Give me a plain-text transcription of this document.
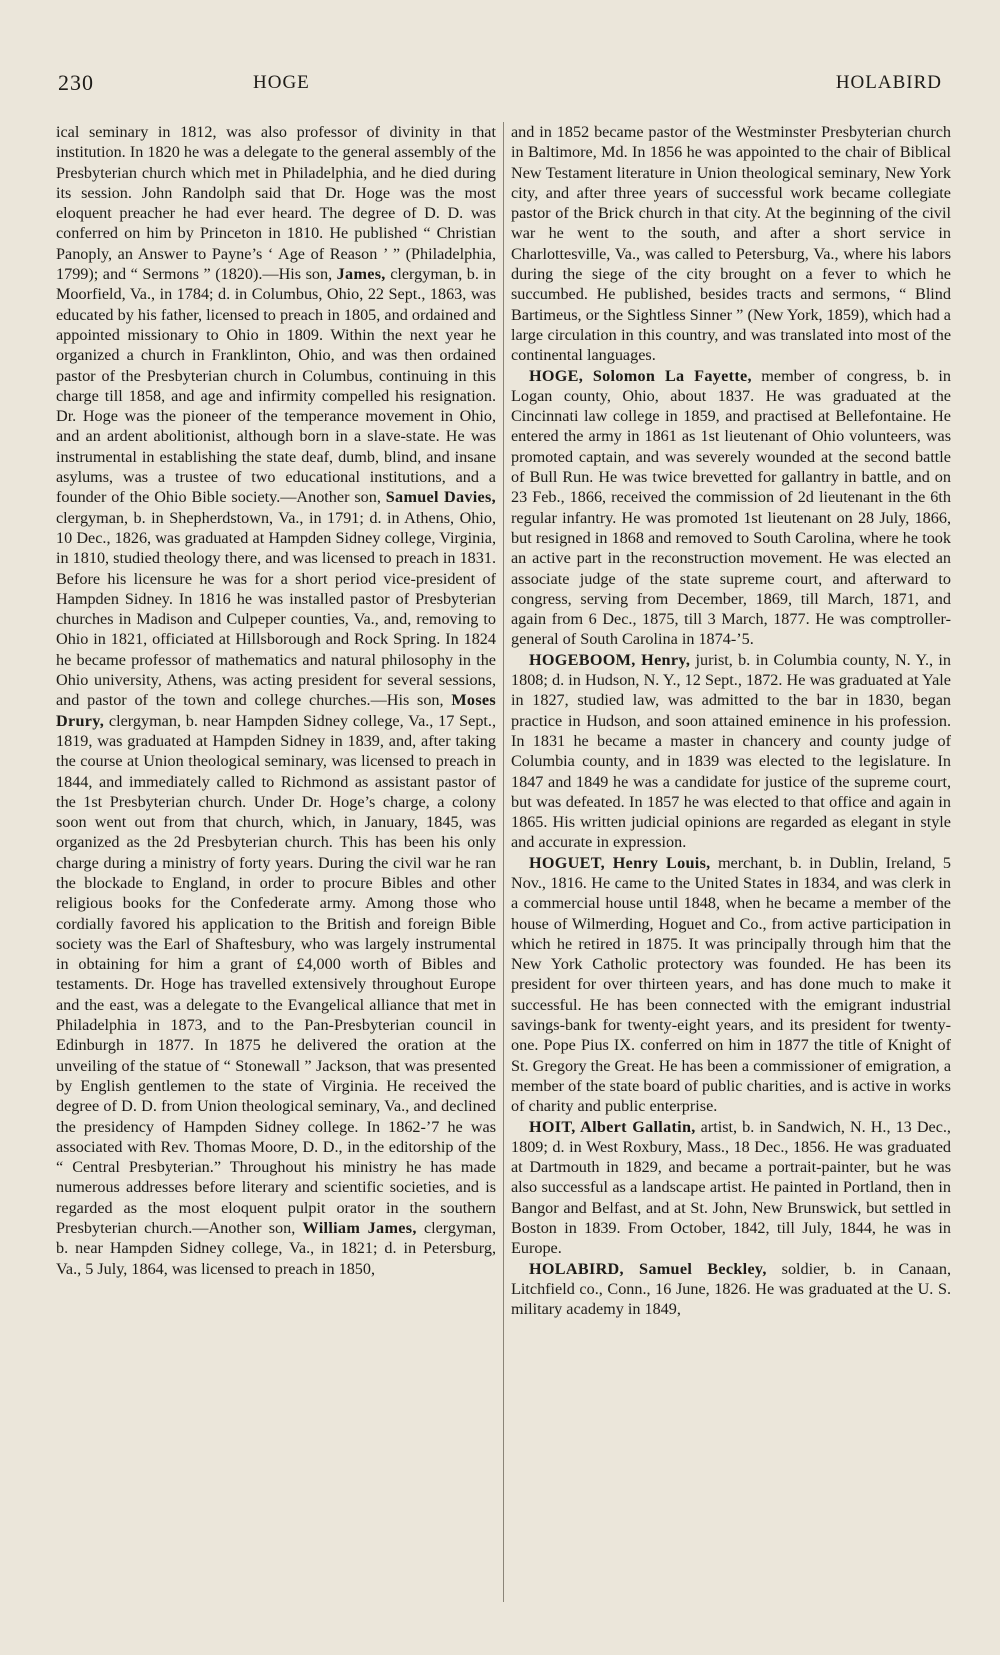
230	HOGE	HOLABIRD

ical seminary in 1812, was also professor of divinity in that institution. In 1820 he was a delegate to the general assembly of the Presbyterian church which met in Philadelphia, and he died during its session. John Randolph said that Dr. Hoge was the most eloquent preacher he had ever heard. The degree of D. D. was conferred on him by Princeton in 1810. He published “ Christian Panoply, an Answer to Payne’s ‘ Age of Reason ’ ” (Philadelphia, 1799); and “ Sermons ” (1820).—His son, James, clergyman, b. in Moorfield, Va., in 1784; d. in Columbus, Ohio, 22 Sept., 1863, was educated by his father, licensed to preach in 1805, and ordained and appointed missionary to Ohio in 1809. Within the next year he organized a church in Franklinton, Ohio, and was then ordained pastor of the Presbyterian church in Columbus, continuing in this charge till 1858, and age and infirmity compelled his resignation. Dr. Hoge was the pioneer of the temperance movement in Ohio, and an ardent abolitionist, although born in a slave-state. He was instrumental in establishing the state deaf, dumb, blind, and insane asylums, was a trustee of two educational institutions, and a founder of the Ohio Bible society.—Another son, Samuel Davies, clergyman, b. in Shepherdstown, Va., in 1791; d. in Athens, Ohio, 10 Dec., 1826, was graduated at Hampden Sidney college, Virginia, in 1810, studied theology there, and was licensed to preach in 1831. Before his licensure he was for a short period vice-president of Hampden Sidney. In 1816 he was installed pastor of Presbyterian churches in Madison and Culpeper counties, Va., and, removing to Ohio in 1821, officiated at Hillsborough and Rock Spring. In 1824 he became professor of mathematics and natural philosophy in the Ohio university, Athens, was acting president for several sessions, and pastor of the town and college churches.—His son, Moses Drury, clergyman, b. near Hampden Sidney college, Va., 17 Sept., 1819, was graduated at Hampden Sidney in 1839, and, after taking the course at Union theological seminary, was licensed to preach in 1844, and immediately called to Richmond as assistant pastor of the 1st Presbyterian church. Under Dr. Hoge’s charge, a colony soon went out from that church, which, in January, 1845, was organized as the 2d Presbyterian church. This has been his only charge during a ministry of forty years. During the civil war he ran the blockade to England, in order to procure Bibles and other religious books for the Confederate army. Among those who cordially favored his application to the British and foreign Bible society was the Earl of Shaftesbury, who was largely instrumental in obtaining for him a grant of £4,000 worth of Bibles and testaments. Dr. Hoge has travelled extensively throughout Europe and the east, was a delegate to the Evangelical alliance that met in Philadelphia in 1873, and to the Pan-Presbyterian council in Edinburgh in 1877. In 1875 he delivered the oration at the unveiling of the statue of “ Stonewall ” Jackson, that was presented by English gentlemen to the state of Virginia. He received the degree of D. D. from Union theological seminary, Va., and declined the presidency of Hampden Sidney college. In 1862-’7 he was associated with Rev. Thomas Moore, D. D., in the editorship of the “ Central Presbyterian.” Throughout his ministry he has made numerous addresses before literary and scientific societies, and is regarded as the most eloquent pulpit orator in the southern Presbyterian church.—Another son, William James, clergyman, b. near Hampden Sidney college, Va., in 1821; d. in Petersburg, Va., 5 July, 1864, was licensed to preach in 1850,

and in 1852 became pastor of the Westminster Presbyterian church in Baltimore, Md. In 1856 he was appointed to the chair of Biblical New Testament literature in Union theological seminary, New York city, and after three years of successful work became collegiate pastor of the Brick church in that city. At the beginning of the civil war he went to the south, and after a short service in Charlottesville, Va., was called to Petersburg, Va., where his labors during the siege of the city brought on a fever to which he succumbed. He published, besides tracts and sermons, “ Blind Bartimeus, or the Sightless Sinner ” (New York, 1859), which had a large circulation in this country, and was translated into most of the continental languages.

HOGE, Solomon La Fayette, member of congress, b. in Logan county, Ohio, about 1837. He was graduated at the Cincinnati law college in 1859, and practised at Bellefontaine. He entered the army in 1861 as 1st lieutenant of Ohio volunteers, was promoted captain, and was severely wounded at the second battle of Bull Run. He was twice brevetted for gallantry in battle, and on 23 Feb., 1866, received the commission of 2d lieutenant in the 6th regular infantry. He was promoted 1st lieutenant on 28 July, 1866, but resigned in 1868 and removed to South Carolina, where he took an active part in the reconstruction movement. He was elected an associate judge of the state supreme court, and afterward to congress, serving from December, 1869, till March, 1871, and again from 6 Dec., 1875, till 3 March, 1877. He was comptroller-general of South Carolina in 1874-’5.

HOGEBOOM, Henry, jurist, b. in Columbia county, N. Y., in 1808; d. in Hudson, N. Y., 12 Sept., 1872. He was graduated at Yale in 1827, studied law, was admitted to the bar in 1830, began practice in Hudson, and soon attained eminence in his profession. In 1831 he became a master in chancery and county judge of Columbia county, and in 1839 was elected to the legislature. In 1847 and 1849 he was a candidate for justice of the supreme court, but was defeated. In 1857 he was elected to that office and again in 1865. His written judicial opinions are regarded as elegant in style and accurate in expression.

HOGUET, Henry Louis, merchant, b. in Dublin, Ireland, 5 Nov., 1816. He came to the United States in 1834, and was clerk in a commercial house until 1848, when he became a member of the house of Wilmerding, Hoguet and Co., from active participation in which he retired in 1875. It was principally through him that the New York Catholic protectory was founded. He has been its president for over thirteen years, and has done much to make it successful. He has been connected with the emigrant industrial savings-bank for twenty-eight years, and its president for twenty-one. Pope Pius IX. conferred on him in 1877 the title of Knight of St. Gregory the Great. He has been a commissioner of emigration, a member of the state board of public charities, and is active in works of charity and public enterprise.

HOIT, Albert Gallatin, artist, b. in Sandwich, N. H., 13 Dec., 1809; d. in West Roxbury, Mass., 18 Dec., 1856. He was graduated at Dartmouth in 1829, and became a portrait-painter, but he was also successful as a landscape artist. He painted in Portland, then in Bangor and Belfast, and at St. John, New Brunswick, but settled in Boston in 1839. From October, 1842, till July, 1844, he was in Europe.

HOLABIRD, Samuel Beckley, soldier, b. in Canaan, Litchfield co., Conn., 16 June, 1826. He was graduated at the U. S. military academy in 1849,
